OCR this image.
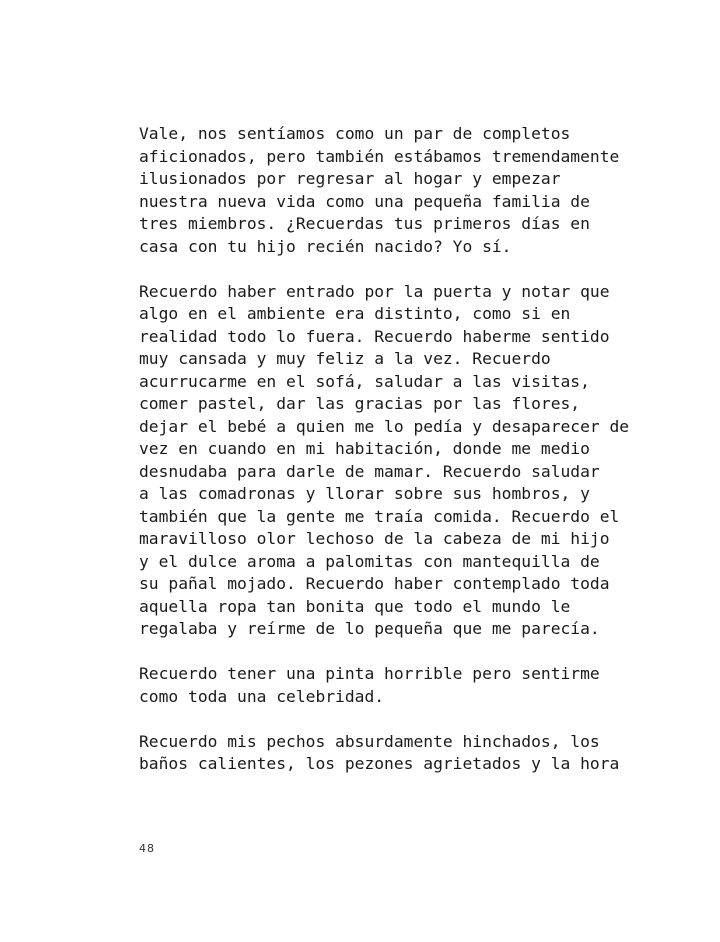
Vale, nos sentíamos como un par de completos
aficionados, pero también estábamos tremendamente
ilusionados por regresar al hogar y empezar
nuestra nueva vida como una pequeña familia de
tres miembros. ¿Recuerdas tus primeros días en
casa con tu hijo recién nacido? Yo sí.

Recuerdo haber entrado por la puerta y notar que
algo en el ambiente era distinto, como si en
realidad todo lo fuera. Recuerdo haberme sentido
muy cansada y muy feliz a la vez. Recuerdo
acurrucarme en el sofá, saludar a las visitas,
comer pastel, dar las gracias por las flores,
dejar el bebé a quien me lo pedía y desaparecer de
vez en cuando en mi habitación, donde me medio
desnudaba para darle de mamar. Recuerdo saludar
a las comadronas y llorar sobre sus hombros, y
también que la gente me traía comida. Recuerdo el
maravilloso olor lechoso de la cabeza de mi hijo
y el dulce aroma a palomitas con mantequilla de
su pañal mojado. Recuerdo haber contemplado toda
aquella ropa tan bonita que todo el mundo le
regalaba y reírme de lo pequeña que me parecía.

Recuerdo tener una pinta horrible pero sentirme
como toda una celebridad.

Recuerdo mis pechos absurdamente hinchados, los
baños calientes, los pezones agrietados y la hora

48
